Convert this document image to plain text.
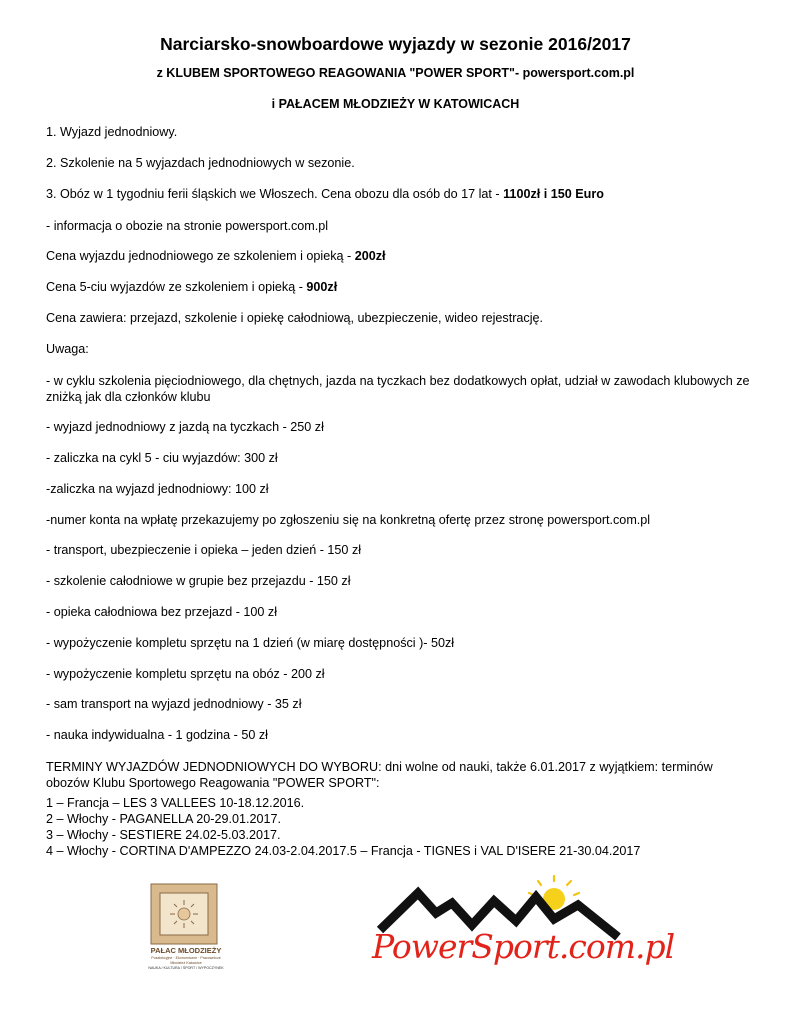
Narciarsko-snowboardowe wyjazdy w sezonie 2016/2017
z KLUBEM SPORTOWEGO REAGOWANIA "POWER SPORT"- powersport.com.pl
i PAŁACEM MŁODZIEŻY W KATOWICACH
1. Wyjazd jednodniowy.
2. Szkolenie na 5 wyjazdach jednodniowych w sezonie.
3. Obóz w 1 tygodniu ferii śląskich we Włoszech. Cena obozu dla osób do 17 lat - 1100zł i 150 Euro
- informacja o obozie na stronie powersport.com.pl
Cena wyjazdu jednodniowego ze szkoleniem i opieką - 200zł
Cena 5-ciu wyjazdów ze szkoleniem i opieką - 900zł
Cena zawiera: przejazd, szkolenie i opiekę całodniową, ubezpieczenie, wideo rejestrację.
Uwaga:
- w cyklu szkolenia pięciodniowego, dla chętnych, jazda na tyczkach bez dodatkowych opłat, udział w zawodach klubowych ze zniżką jak dla członków klubu
- wyjazd jednodniowy z jazdą na tyczkach - 250 zł
- zaliczka na cykl 5 - ciu wyjazdów: 300 zł
-zaliczka na wyjazd jednodniowy: 100 zł
-numer konta na wpłatę przekazujemy po zgłoszeniu się na konkretną ofertę przez stronę powersport.com.pl
- transport, ubezpieczenie i opieka – jeden dzień - 150 zł
- szkolenie całodniowe w grupie bez przejazdu - 150 zł
- opieka całodniowa bez przejazd - 100 zł
- wypożyczenie kompletu sprzętu na 1 dzień (w miarę dostępności )- 50zł
- wypożyczenie kompletu sprzętu na obóz - 200 zł
- sam transport na wyjazd jednodniowy - 35 zł
- nauka indywidualna - 1 godzina - 50 zł
TERMINY WYJAZDÓW JEDNODNIOWYCH DO WYBORU: dni wolne od nauki, także 6.01.2017 z wyjątkiem: terminów obozów Klubu Sportowego Reagowania "POWER SPORT":
1 – Francja – LES 3 VALLEES 10-18.12.2016.
2 – Włochy - PAGANELLA 20-29.01.2017.
3 – Włochy - SESTIERE 24.02-5.03.2017.
4 – Włochy - CORTINA D'AMPEZZO 24.03-2.04.2017.5 – Francja - TIGNES i VAL D'ISERE 21-30.04.2017
PAŁAC MŁODZIEŻY
Pozalekcyjne · Ekonomiczne · Pracownicze
Młodzież Katowice
NAUKA / KULTURA / SPORT / WYPOCZYNEK
PowerSport.com.pl
